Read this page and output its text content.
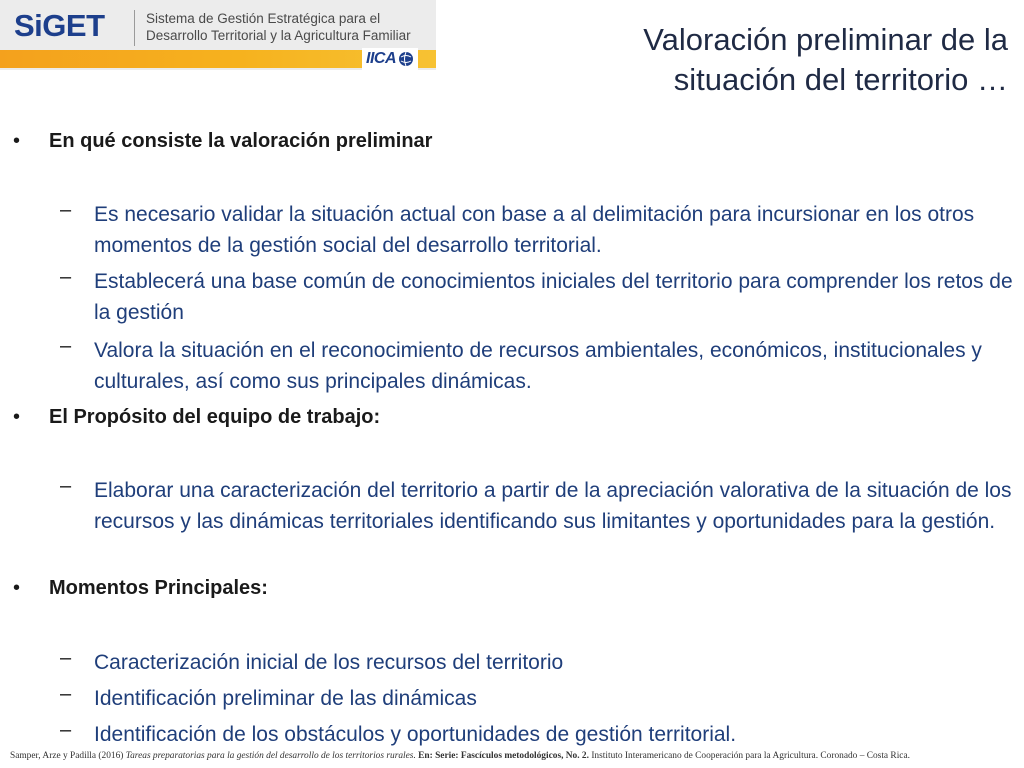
SiGET	Sistema de Gestión Estratégica para el
Desarrollo Territorial y la Agricultura Familiar
IICA
Valoración preliminar de la
situación del territorio …
• En qué consiste la valoración preliminar
– Es necesario validar la situación actual con base a al delimitación para incursionar en los otros momentos de la gestión social del desarrollo territorial.
– Establecerá una base común de conocimientos iniciales del territorio para comprender los retos de la gestión
– Valora la situación en el reconocimiento de recursos ambientales, económicos, institucionales y culturales, así como sus principales dinámicas.
• El Propósito del equipo de trabajo:
– Elaborar una caracterización del territorio a partir de la apreciación valorativa de la situación de los recursos y las dinámicas territoriales identificando sus limitantes y oportunidades para la gestión.
• Momentos Principales:
– Caracterización inicial de los recursos del territorio
– Identificación preliminar de las dinámicas
– Identificación de los obstáculos y oportunidades de gestión territorial.
Samper, Arze y Padilla (2016) Tareas preparatorias para la gestión del desarrollo de los territorios rurales. En: Serie: Fascículos metodológicos, No. 2. Instituto Interamericano de Cooperación para la Agricultura. Coronado – Costa Rica.
